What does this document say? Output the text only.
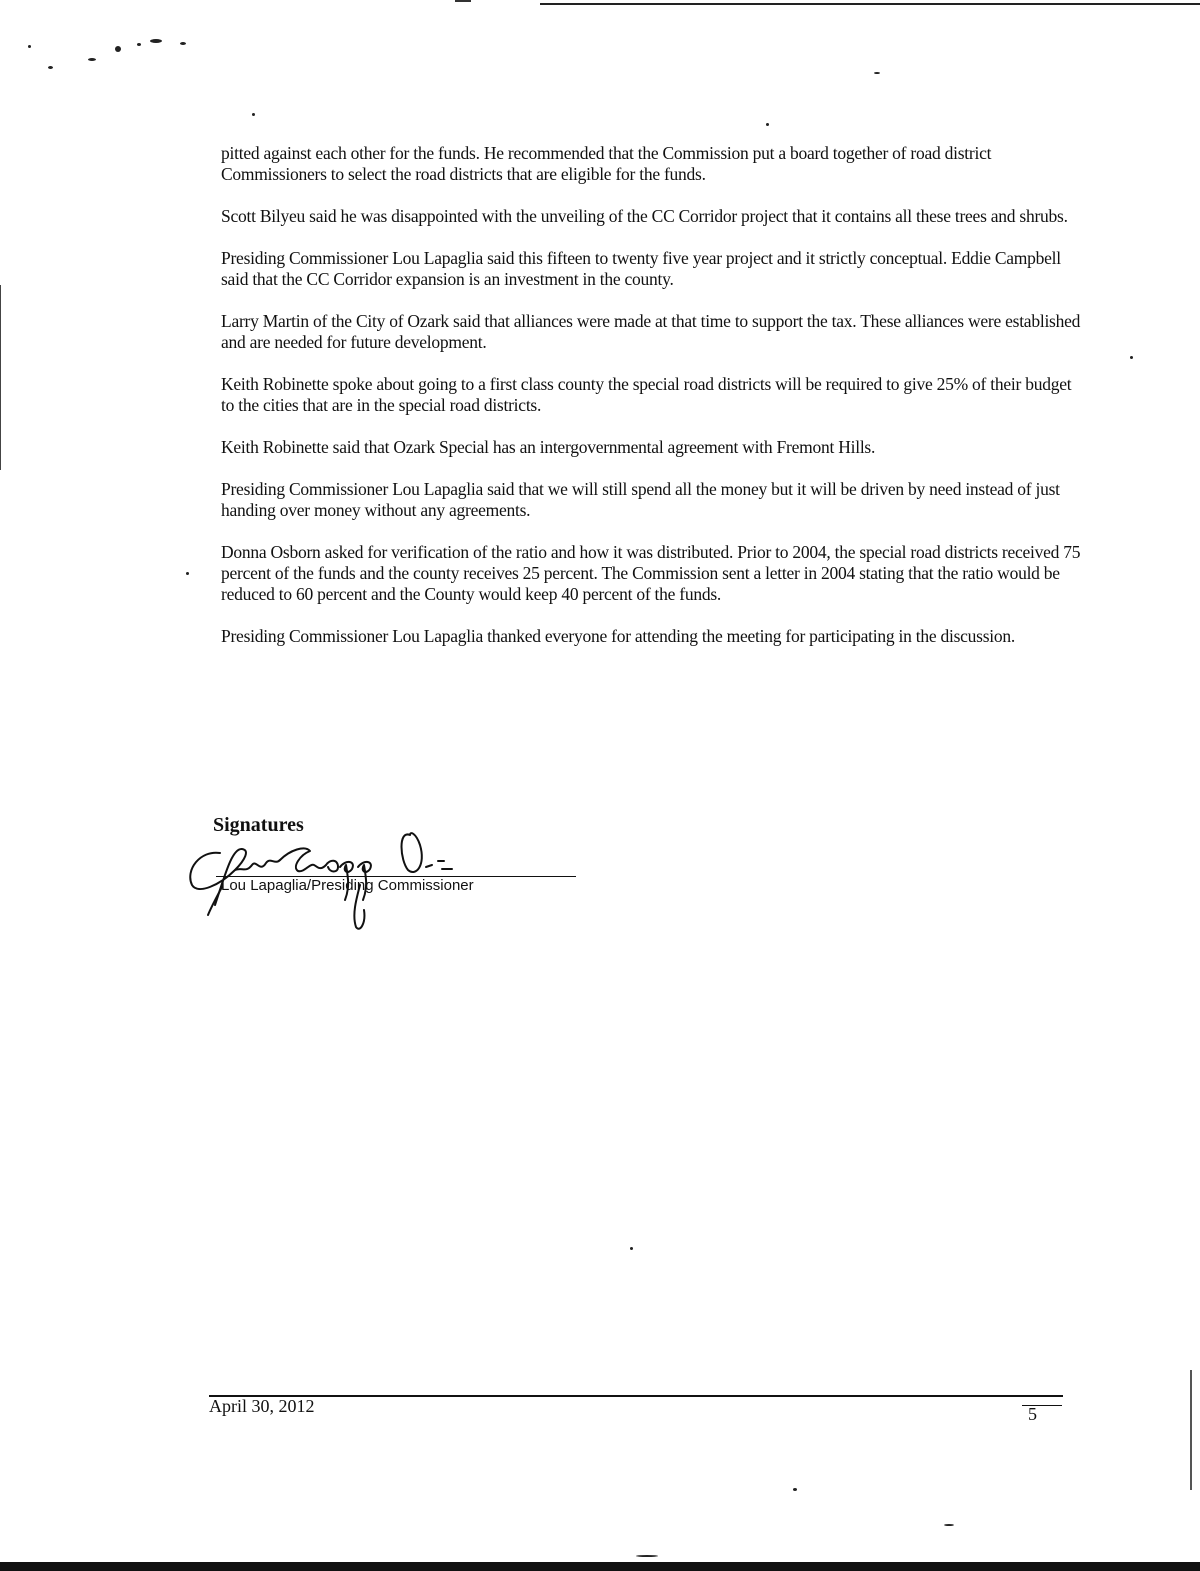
pitted against each other for the funds. He recommended that the Commission put a board together of road district Commissioners to select the road districts that are eligible for the funds.

Scott Bilyeu said he was disappointed with the unveiling of the CC Corridor project that it contains all these trees and shrubs.

Presiding Commissioner Lou Lapaglia said this fifteen to twenty five year project and it strictly conceptual. Eddie Campbell said that the CC Corridor expansion is an investment in the county.

Larry Martin of the City of Ozark said that alliances were made at that time to support the tax. These alliances were established and are needed for future development.

Keith Robinette spoke about going to a first class county the special road districts will be required to give 25% of their budget to the cities that are in the special road districts.

Keith Robinette said that Ozark Special has an intergovernmental agreement with Fremont Hills.

Presiding Commissioner Lou Lapaglia said that we will still spend all the money but it will be driven by need instead of just handing over money without any agreements.

Donna Osborn asked for verification of the ratio and how it was distributed. Prior to 2004, the special road districts received 75 percent of the funds and the county receives 25 percent. The Commission sent a letter in 2004 stating that the ratio would be reduced to 60 percent and the County would keep 40 percent of the funds.

Presiding Commissioner Lou Lapaglia thanked everyone for attending the meeting for participating in the discussion.

Signatures
Lou Lapaglia/Presiding Commissioner
April 30, 2012	5
